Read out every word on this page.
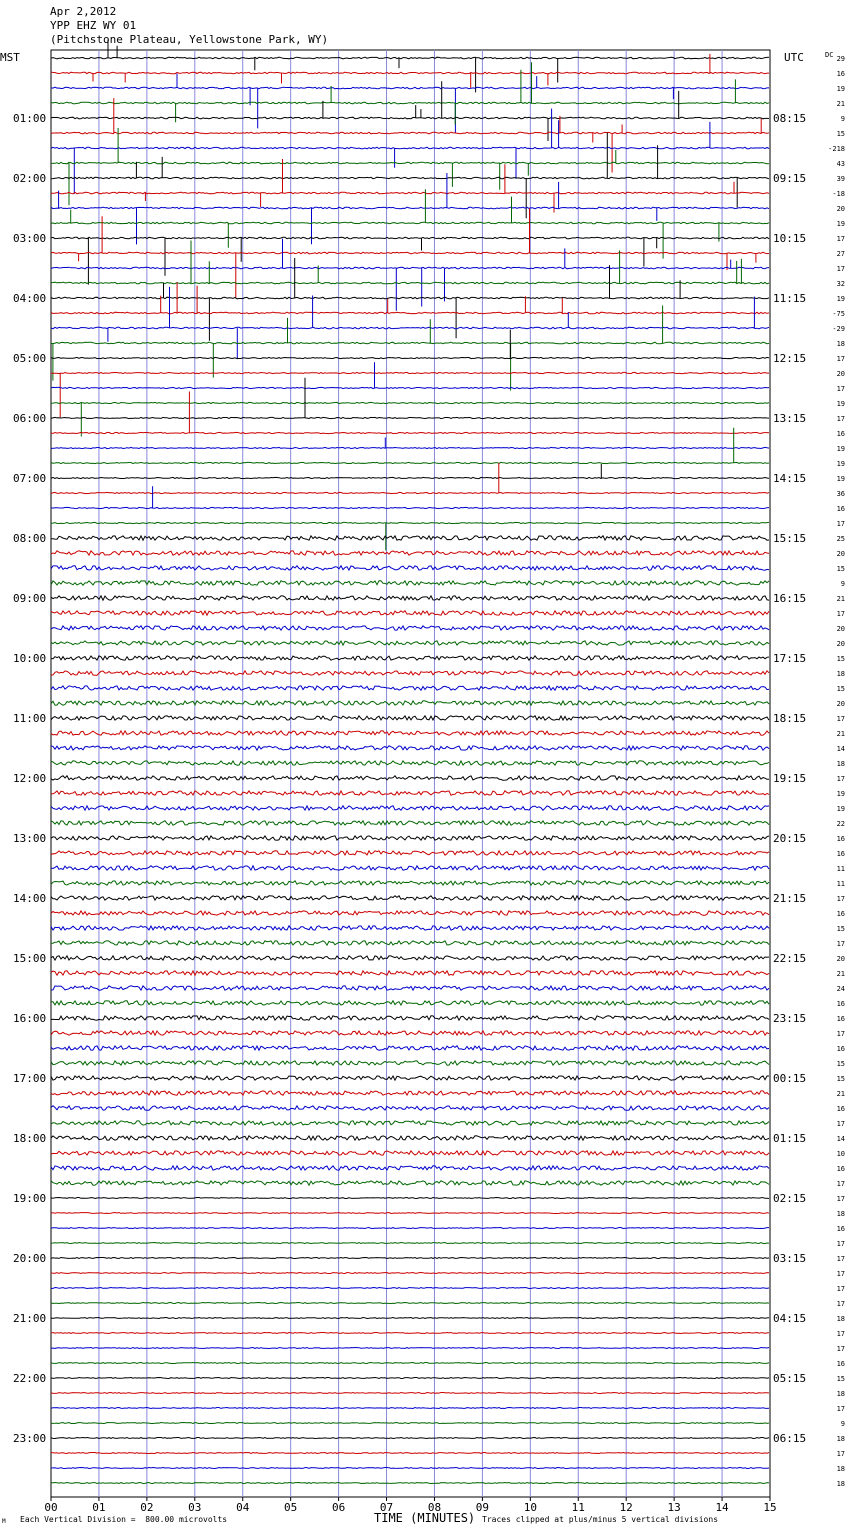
Apr 2,2012
YPP EHZ WY 01
(Pitchstone Plateau, Yellowstone Park, WY)
MST	UTC	DC
01:00
02:00
03:00
04:00
05:00
06:00
07:00
08:00
09:00
10:00
11:00
12:00
13:00
14:00
15:00
16:00
17:00
18:00
19:00
20:00
21:00
22:00
23:00
08:15
09:15
10:15
11:15
12:15
13:15
14:15
15:15
16:15
17:15
18:15
19:15
20:15
21:15
22:15
23:15
00:15
01:15
02:15
03:15
04:15
05:15
06:15
29
16
19
21
9
15
-218
43
39
-18
20
19
17
27
17
32
19
-75
-29
18
17
20
17
19
17
16
19
19
19
36
16
17
25
20
15
9
21
17
20
20
15
18
15
20
17
21
14
18
17
19
19
22
16
16
11
11
17
16
15
17
20
21
24
16
16
17
16
15
15
21
16
17
14
10
16
17
17
18
16
17
17
17
17
17
18
17
17
16
15
18
17
9
18
17
18
18
00	01	02	03	04	05	06	07	08	09	10	11	12	13	14	15
Each Vertical Division =  800.00 microvolts	TIME (MINUTES) Traces clipped at plus/minus 5 vertical divisions
M
